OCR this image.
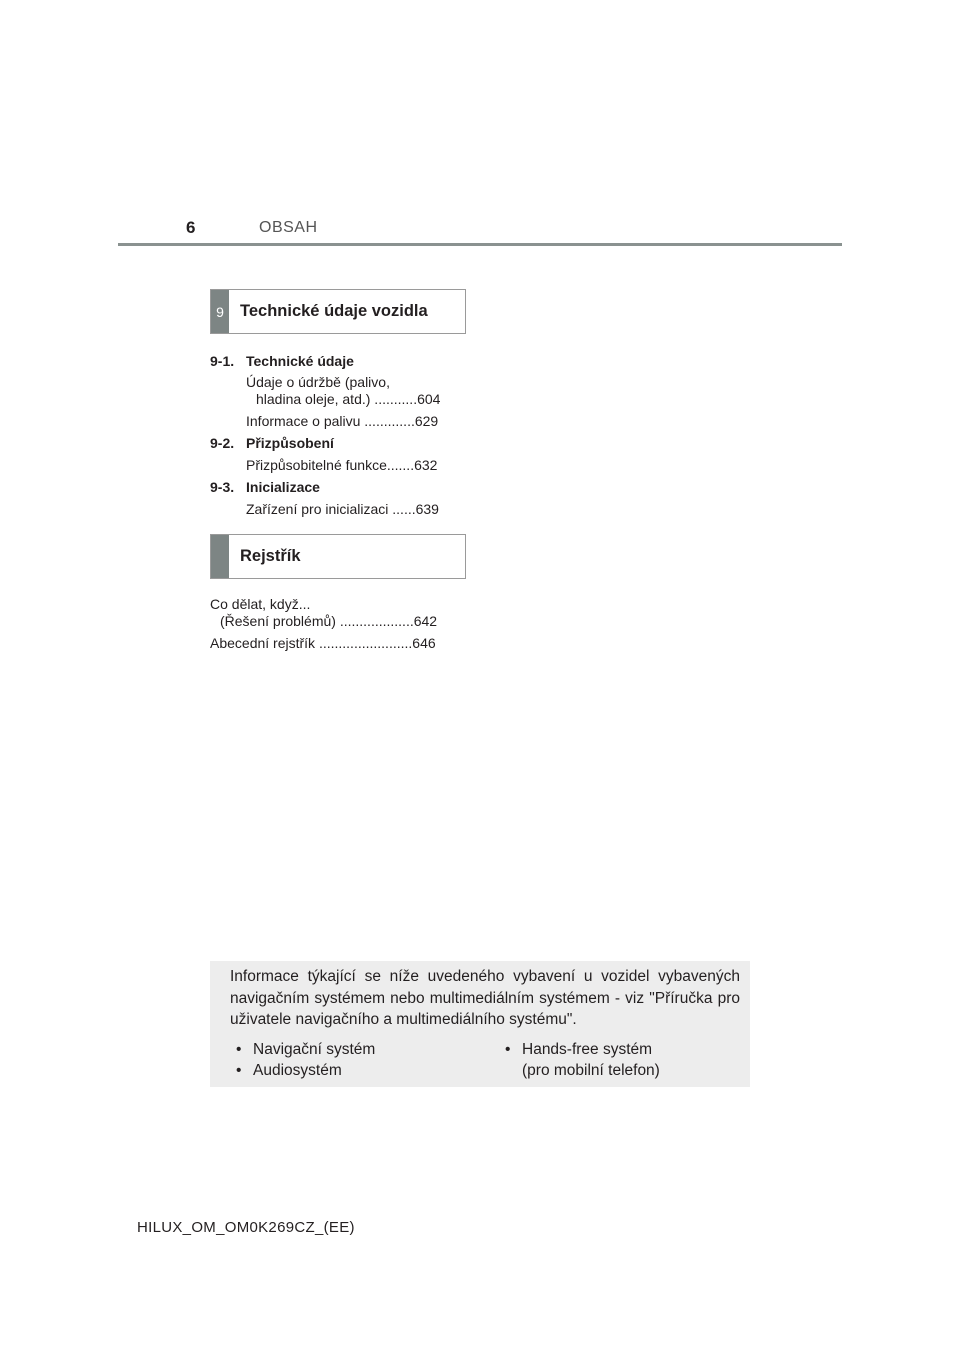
6	OBSAH
9 Technické údaje vozidla
9-1. Technické údaje
Údaje o údržbě (palivo,
hladina oleje, atd.) ...........604
Informace o palivu .............629
9-2. Přizpůsobení
Přizpůsobitelné funkce.......632
9-3. Inicializace
Zařízení pro inicializaci ......639
Rejstřík
Co dělat, když...
(Řešení problémů) ...................642
Abecední rejstřík ........................646

Informace týkající se níže uvedeného vybavení u vozidel vybavených navigačním systémem nebo multimediálním systémem - viz "Příručka pro uživatele navigačního a multimediálního systému".

• Navigační systém
• Audiosystém
• Hands-free systém
(pro mobilní telefon)
HILUX_OM_OM0K269CZ_(EE)
